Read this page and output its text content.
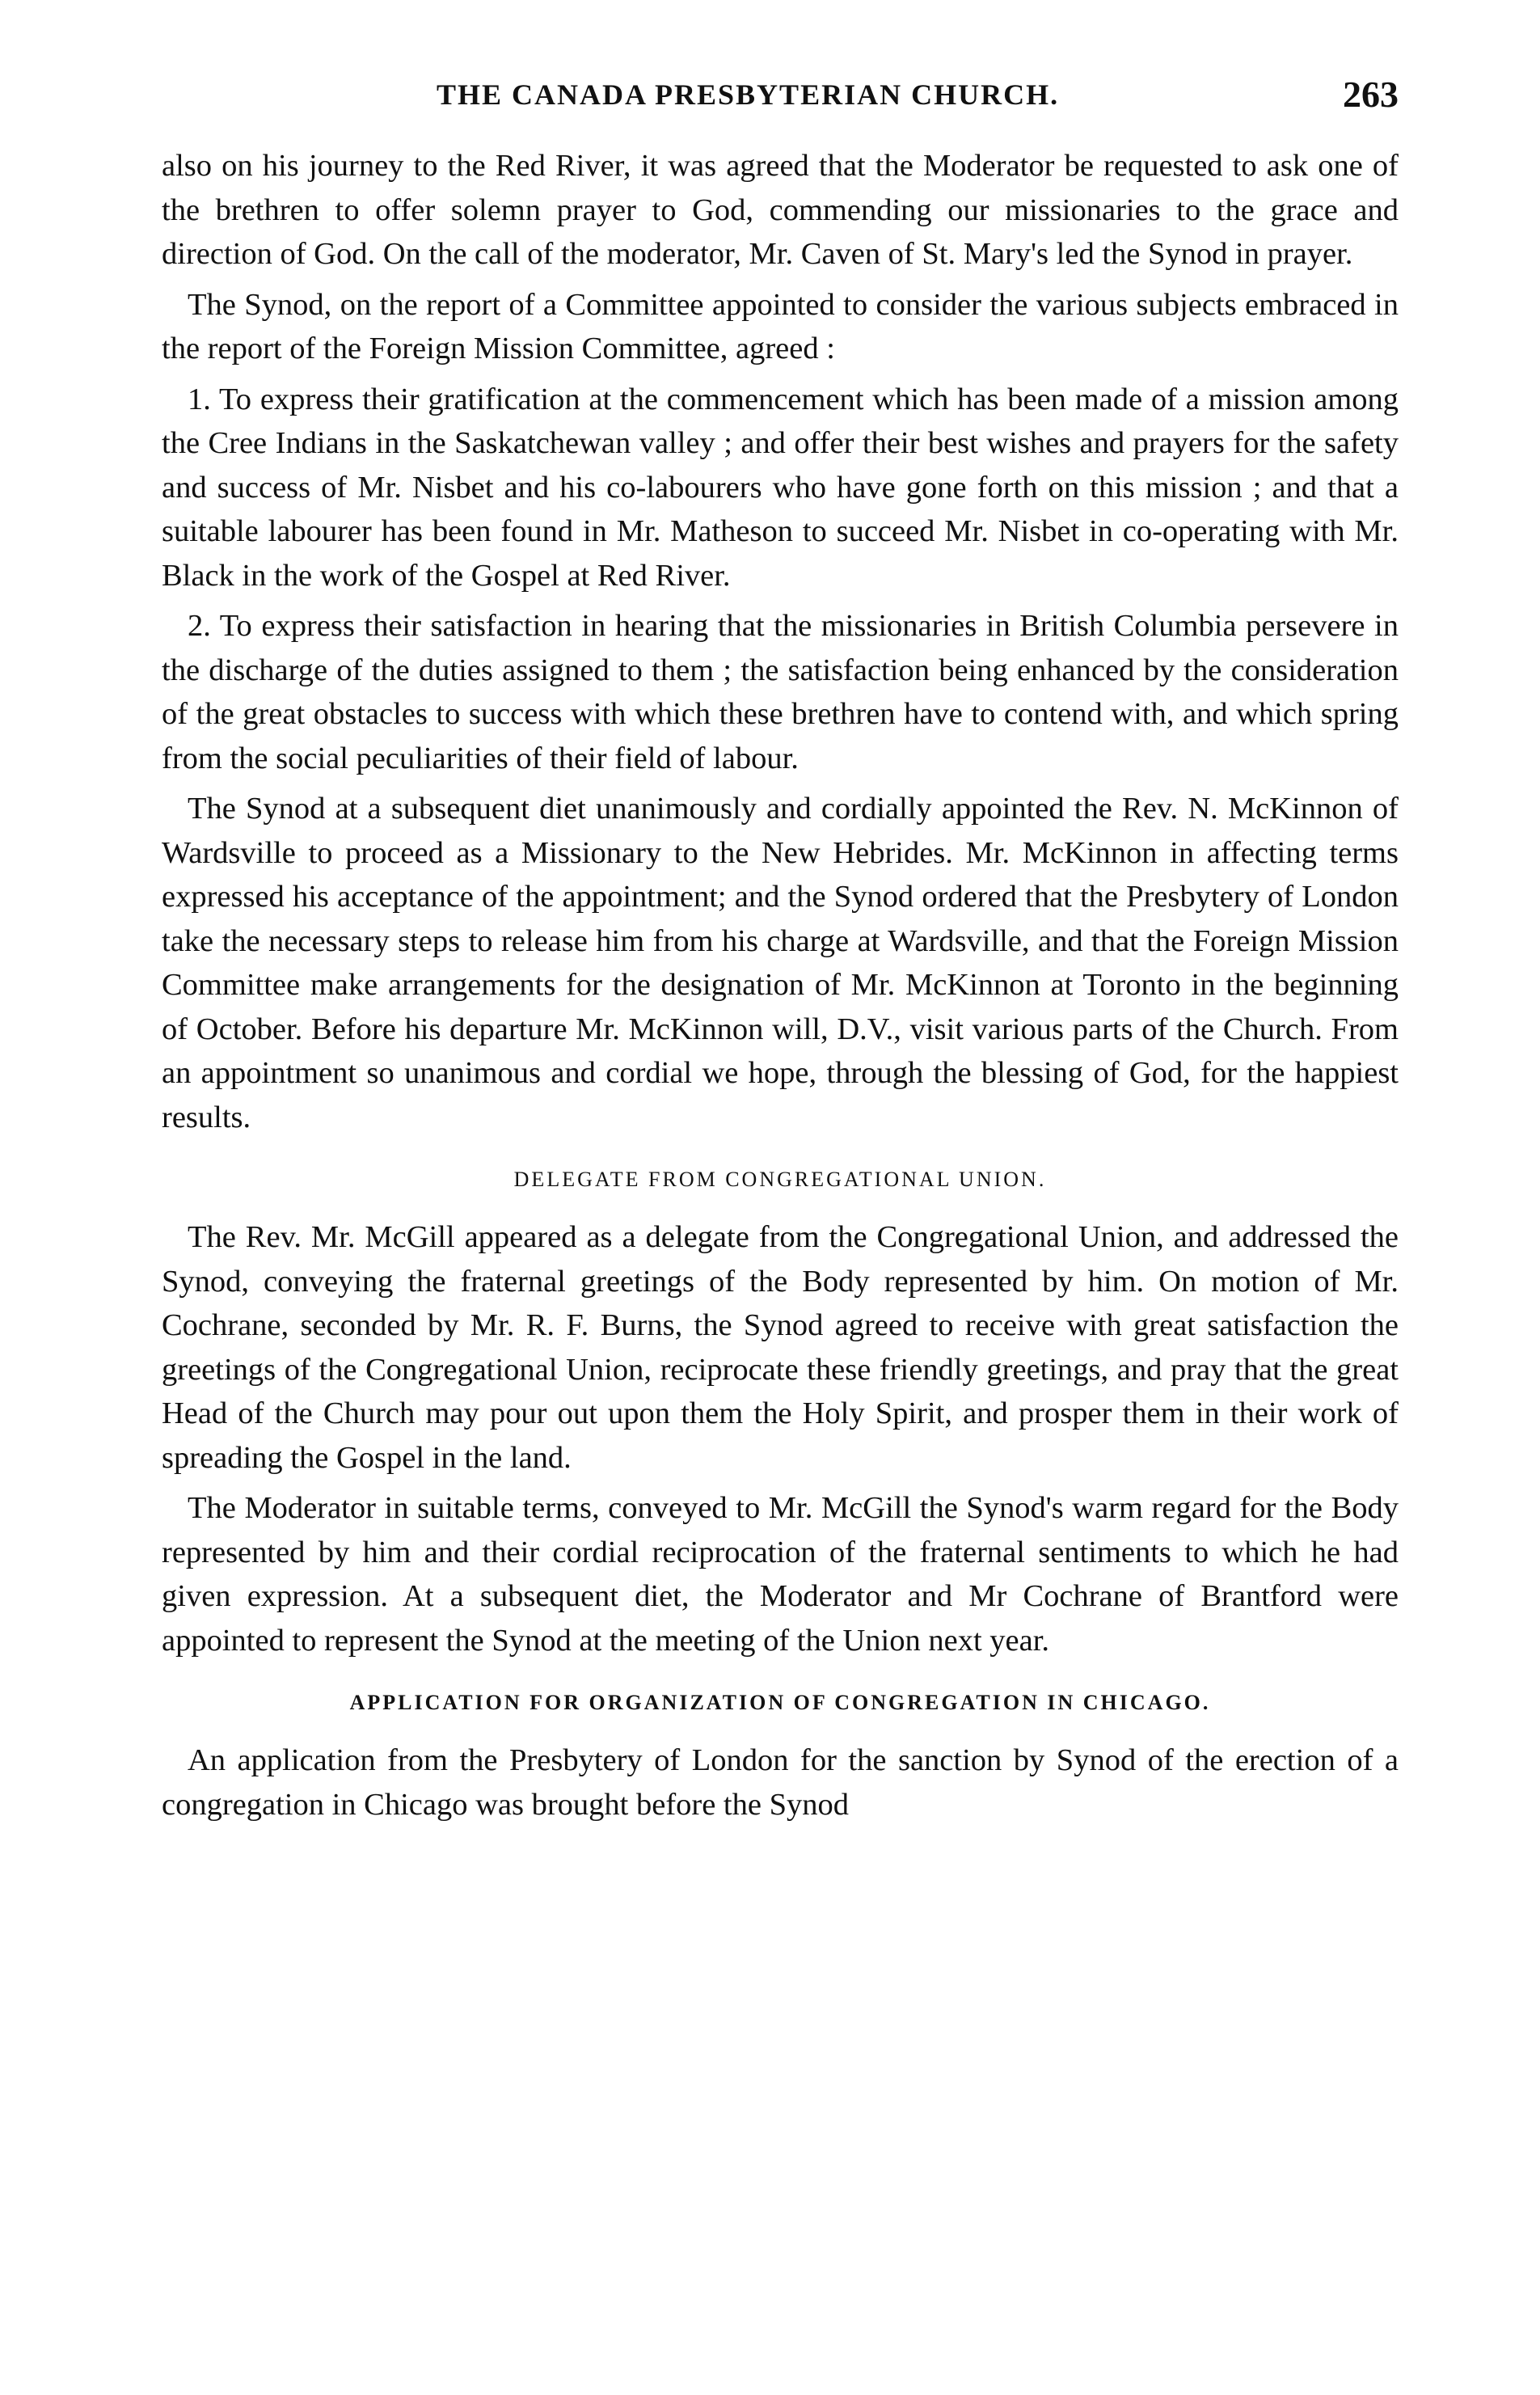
THE CANADA PRESBYTERIAN CHURCH.	263

also on his journey to the Red River, it was agreed that the Moderator be requested to ask one of the brethren to offer solemn prayer to God, commending our missionaries to the grace and direction of God. On the call of the moderator, Mr. Caven of St. Mary's led the Synod in prayer.

The Synod, on the report of a Committee appointed to consider the various subjects embraced in the report of the Foreign Mission Committee, agreed :

1. To express their gratification at the commencement which has been made of a mission among the Cree Indians in the Saskatchewan valley ; and offer their best wishes and prayers for the safety and success of Mr. Nisbet and his co-labourers who have gone forth on this mission ; and that a suitable labourer has been found in Mr. Matheson to succeed Mr. Nisbet in co-operating with Mr. Black in the work of the Gospel at Red River.

2. To express their satisfaction in hearing that the missionaries in British Columbia persevere in the discharge of the duties assigned to them ; the satisfaction being enhanced by the consideration of the great obstacles to success with which these brethren have to contend with, and which spring from the social peculiarities of their field of labour.

The Synod at a subsequent diet unanimously and cordially appointed the Rev. N. McKinnon of Wardsville to proceed as a Missionary to the New Hebrides. Mr. McKinnon in affecting terms expressed his acceptance of the appointment; and the Synod ordered that the Presbytery of London take the necessary steps to release him from his charge at Wardsville, and that the Foreign Mission Committee make arrangements for the designation of Mr. McKinnon at Toronto in the beginning of October. Before his departure Mr. McKinnon will, D.V., visit various parts of the Church. From an appointment so unanimous and cordial we hope, through the blessing of God, for the happiest results.

DELEGATE FROM CONGREGATIONAL UNION.

The Rev. Mr. McGill appeared as a delegate from the Congregational Union, and addressed the Synod, conveying the fraternal greetings of the Body represented by him. On motion of Mr. Cochrane, seconded by Mr. R. F. Burns, the Synod agreed to receive with great satisfaction the greetings of the Congregational Union, reciprocate these friendly greetings, and pray that the great Head of the Church may pour out upon them the Holy Spirit, and prosper them in their work of spreading the Gospel in the land.

The Moderator in suitable terms, conveyed to Mr. McGill the Synod's warm regard for the Body represented by him and their cordial reciprocation of the fraternal sentiments to which he had given expression. At a subsequent diet, the Moderator and Mr Cochrane of Brantford were appointed to represent the Synod at the meeting of the Union next year.

APPLICATION FOR ORGANIZATION OF CONGREGATION IN CHICAGO.

An application from the Presbytery of London for the sanction by Synod of the erection of a congregation in Chicago was brought before the Synod
